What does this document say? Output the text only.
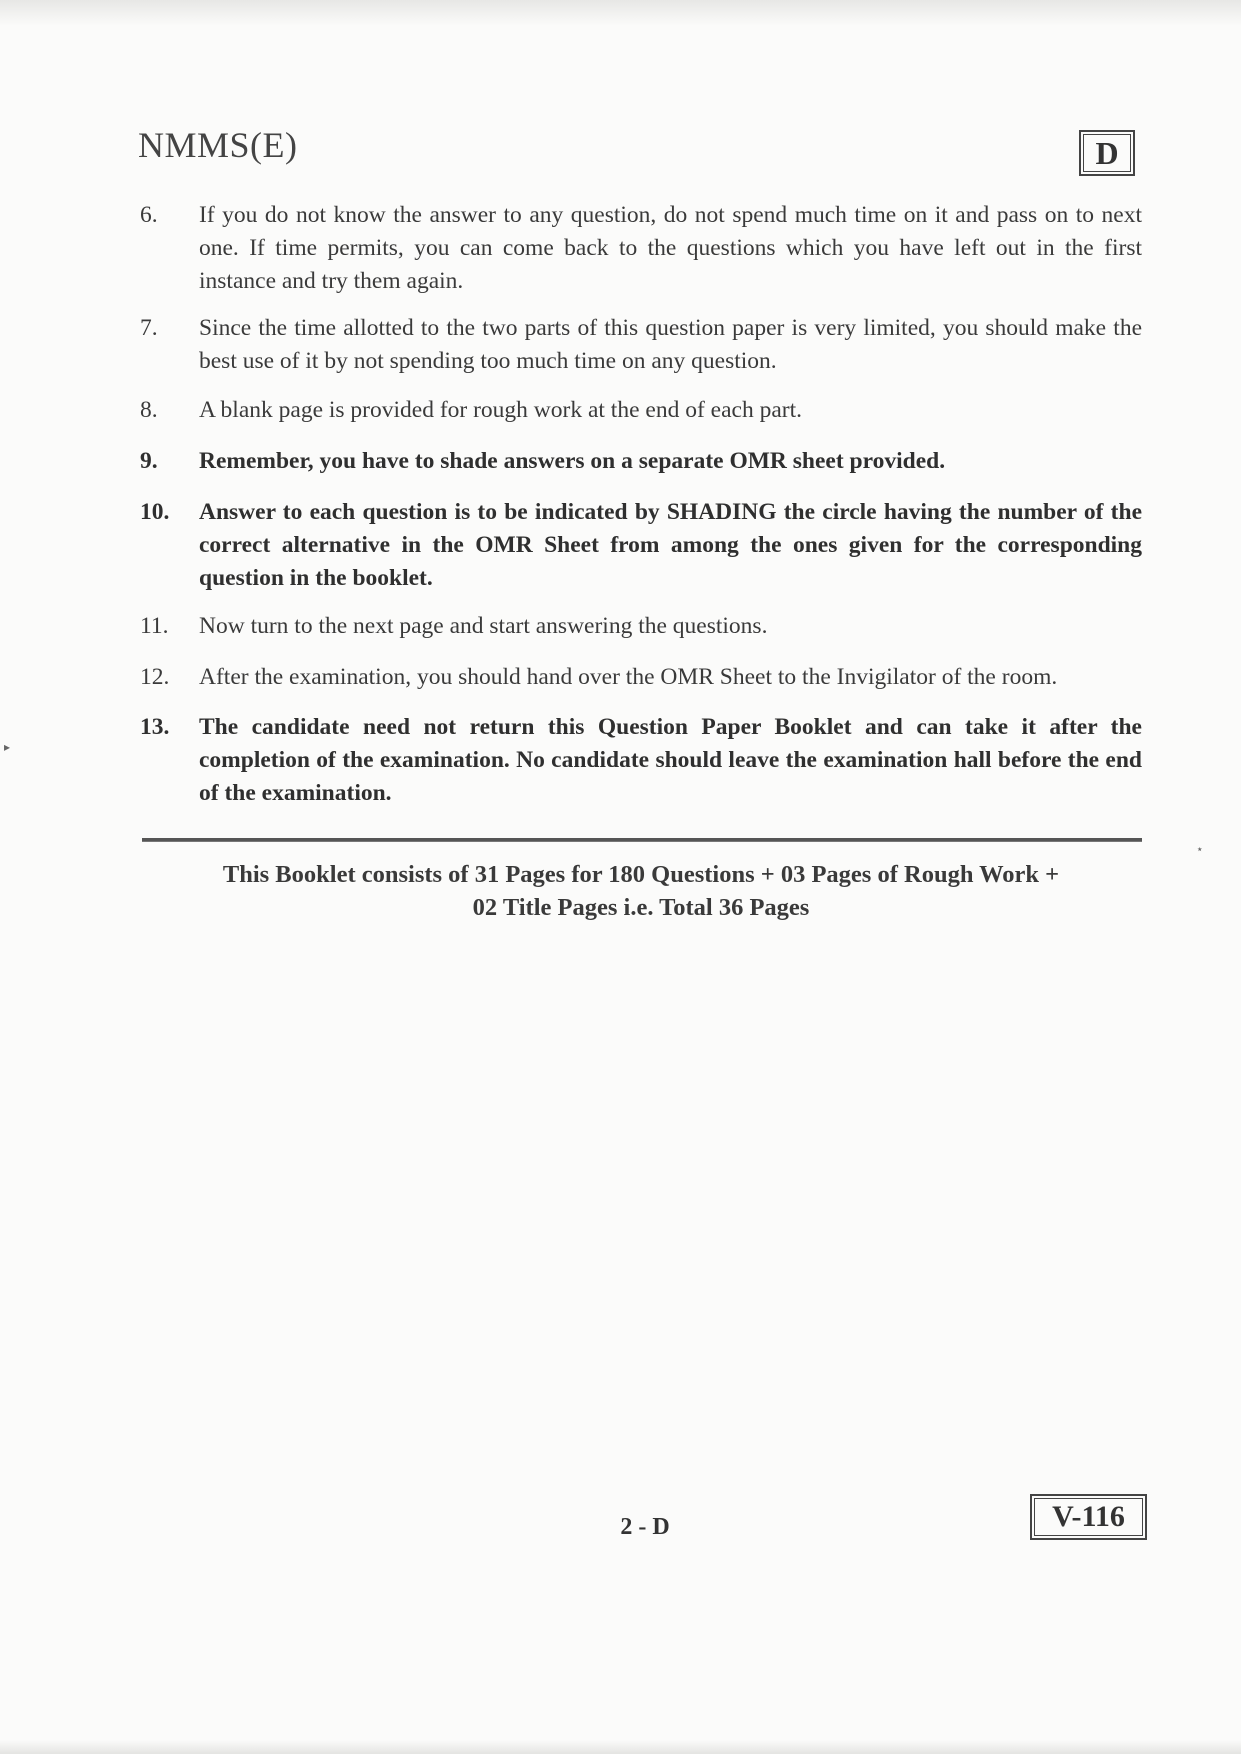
NMMS(E)	D
6.	If you do not know the answer to any question, do not spend much time on it and pass on to next one. If time permits, you can come back to the questions which you have left out in the first instance and try them again.
7.	Since the time allotted to the two parts of this question paper is very limited, you should make the best use of it by not spending too much time on any question.
8.	A blank page is provided for rough work at the end of each part.
9.	Remember, you have to shade answers on a separate OMR sheet provided.
10.	Answer to each question is to be indicated by SHADING the circle having the number of the correct alternative in the OMR Sheet from among the ones given for the corresponding question in the booklet.
11.	Now turn to the next page and start answering the questions.
12.	After the examination, you should hand over the OMR Sheet to the Invigilator of the room.
13.	The candidate need not return this Question Paper Booklet and can take it after the completion of the examination. No candidate should leave the examination hall before the end of the examination.

This Booklet consists of 31 Pages for 180 Questions + 03 Pages of Rough Work +
02 Title Pages i.e. Total 36 Pages

2 - D	V-116
▸
⋆
